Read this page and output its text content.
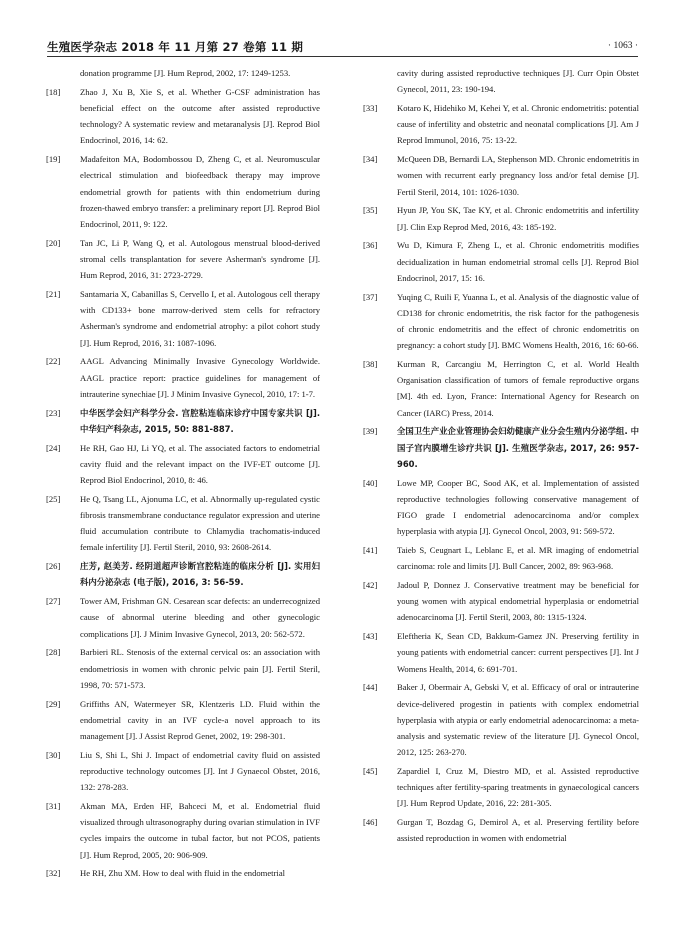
生殖医学杂志 2018 年 11 月第 27 卷第 11 期	· 1063 ·
donation programme [J]. Hum Reprod, 2002, 17: 1249-1253.
[18] Zhao J, Xu B, Xie S, et al. Whether G-CSF administration has beneficial effect on the outcome after assisted reproductive technology? A systematic review and metaranalysis [J]. Reprod Biol Endocrinol, 2016, 14: 62.
[19] Madafeiton MA, Bodombossou D, Zheng C, et al. Neuromuscular electrical stimulation and biofeedback therapy may improve endometrial growth for patients with thin endometrium during frozen-thawed embryo transfer: a preliminary report [J]. Reprod Biol Endocrinol, 2011, 9: 122.
[20] Tan JC, Li P, Wang Q, et al. Autologous menstrual blood-derived stromal cells transplantation for severe Asherman's syndrome [J]. Hum Reprod, 2016, 31: 2723-2729.
[21] Santamaria X, Cabanillas S, Cervello I, et al. Autologous cell therapy with CD133+ bone marrow-derived stem cells for refractory Asherman's syndrome and endometrial atrophy: a pilot cohort study [J]. Hum Reprod, 2016, 31: 1087-1096.
[22] AAGL Advancing Minimally Invasive Gynecology Worldwide. AAGL practice report: practice guidelines for management of intrauterine synechiae [J]. J Minim Invasive Gynecol, 2010, 17: 1-7.
[23] 中华医学会妇产科学分会. 宫腔粘连临床诊疗中国专家共识 [J]. 中华妇产科杂志, 2015, 50: 881-887.
[24] He RH, Gao HJ, Li YQ, et al. The associated factors to endometrial cavity fluid and the relevant impact on the IVF-ET outcome [J]. Reprod Biol Endocrinol, 2010, 8: 46.
[25] He Q, Tsang LL, Ajonuma LC, et al. Abnormally up-regulated cystic fibrosis transmembrane conductance regulator expression and uterine fluid accumulation contribute to Chlamydia trachomatis-induced female infertility [J]. Fertil Steril, 2010, 93: 2608-2614.
[26] 庄芳, 赵美芳. 经阴道超声诊断宫腔粘连的临床分析 [J]. 实用妇科内分泌杂志 (电子版), 2016, 3: 56-59.
[27] Tower AM, Frishman GN. Cesarean scar defects: an underrecognized cause of abnormal uterine bleeding and other gynecologic complications [J]. J Minim Invasive Gynecol, 2013, 20: 562-572.
[28] Barbieri RL. Stenosis of the external cervical os: an association with endometriosis in women with chronic pelvic pain [J]. Fertil Steril, 1998, 70: 571-573.
[29] Griffiths AN, Watermeyer SR, Klentzeris LD. Fluid within the endometrial cavity in an IVF cycle-a novel approach to its management [J]. J Assist Reprod Genet, 2002, 19: 298-301.
[30] Liu S, Shi L, Shi J. Impact of endometrial cavity fluid on assisted reproductive technology outcomes [J]. Int J Gynaecol Obstet, 2016, 132: 278-283.
[31] Akman MA, Erden HF, Bahceci M, et al. Endometrial fluid visualized through ultrasonography during ovarian stimulation in IVF cycles impairs the outcome in tubal factor, but not PCOS, patients [J]. Hum Reprod, 2005, 20: 906-909.
[32] He RH, Zhu XM. How to deal with fluid in the endometrial
cavity during assisted reproductive techniques [J]. Curr Opin Obstet Gynecol, 2011, 23: 190-194.
[33] Kotaro K, Hidehiko M, Kehei Y, et al. Chronic endometritis: potential cause of infertility and obstetric and neonatal complications [J]. Am J Reprod Immunol, 2016, 75: 13-22.
[34] McQueen DB, Bernardi LA, Stephenson MD. Chronic endometritis in women with recurrent early pregnancy loss and/or fetal demise [J]. Fertil Steril, 2014, 101: 1026-1030.
[35] Hyun JP, You SK, Tae KY, et al. Chronic endometritis and infertility [J]. Clin Exp Reprod Med, 2016, 43: 185-192.
[36] Wu D, Kimura F, Zheng L, et al. Chronic endometritis modifies decidualization in human endometrial stromal cells [J]. Reprod Biol Endocrinol, 2017, 15: 16.
[37] Yuqing C, Ruili F, Yuanna L, et al. Analysis of the diagnostic value of CD138 for chronic endometritis, the risk factor for the pathogenesis of chronic endometritis and the effect of chronic endometritis on pregnancy: a cohort study [J]. BMC Womens Health, 2016, 16: 60-66.
[38] Kurman R, Carcangiu M, Herrington C, et al. World Health Organisation classification of tumors of female reproductive organs [M]. 4th ed. Lyon, France: International Agency for Research on Cancer (IARC) Press, 2014.
[39] 全国卫生产业企业管理协会妇幼健康产业分会生殖内分泌学组. 中国子宫内膜增生诊疗共识 [J]. 生殖医学杂志, 2017, 26: 957-960.
[40] Lowe MP, Cooper BC, Sood AK, et al. Implementation of assisted reproductive technologies following conservative management of FIGO grade I endometrial adenocarcinoma and/or complex hyperplasia with atypia [J]. Gynecol Oncol, 2003, 91: 569-572.
[41] Taieb S, Ceugnart L, Leblanc E, et al. MR imaging of endometrial carcinoma: role and limits [J]. Bull Cancer, 2002, 89: 963-968.
[42] Jadoul P, Donnez J. Conservative treatment may be beneficial for young women with atypical endometrial hyperplasia or endometrial adenocarcinoma [J]. Fertil Steril, 2003, 80: 1315-1324.
[43] Eleftheria K, Sean CD, Bakkum-Gamez JN. Preserving fertility in young patients with endometrial cancer: current perspectives [J]. Int J Womens Health, 2014, 6: 691-701.
[44] Baker J, Obermair A, Gebski V, et al. Efficacy of oral or intrauterine device-delivered progestin in patients with complex endometrial hyperplasia with atypia or early endometrial adenocarcinoma: a meta-analysis and systematic review of the literature [J]. Gynecol Oncol, 2012, 125: 263-270.
[45] Zapardiel I, Cruz M, Diestro MD, et al. Assisted reproductive techniques after fertility-sparing treatments in gynaecological cancers [J]. Hum Reprod Update, 2016, 22: 281-305.
[46] Gurgan T, Bozdag G, Demirol A, et al. Preserving fertility before assisted reproduction in women with endometrial
